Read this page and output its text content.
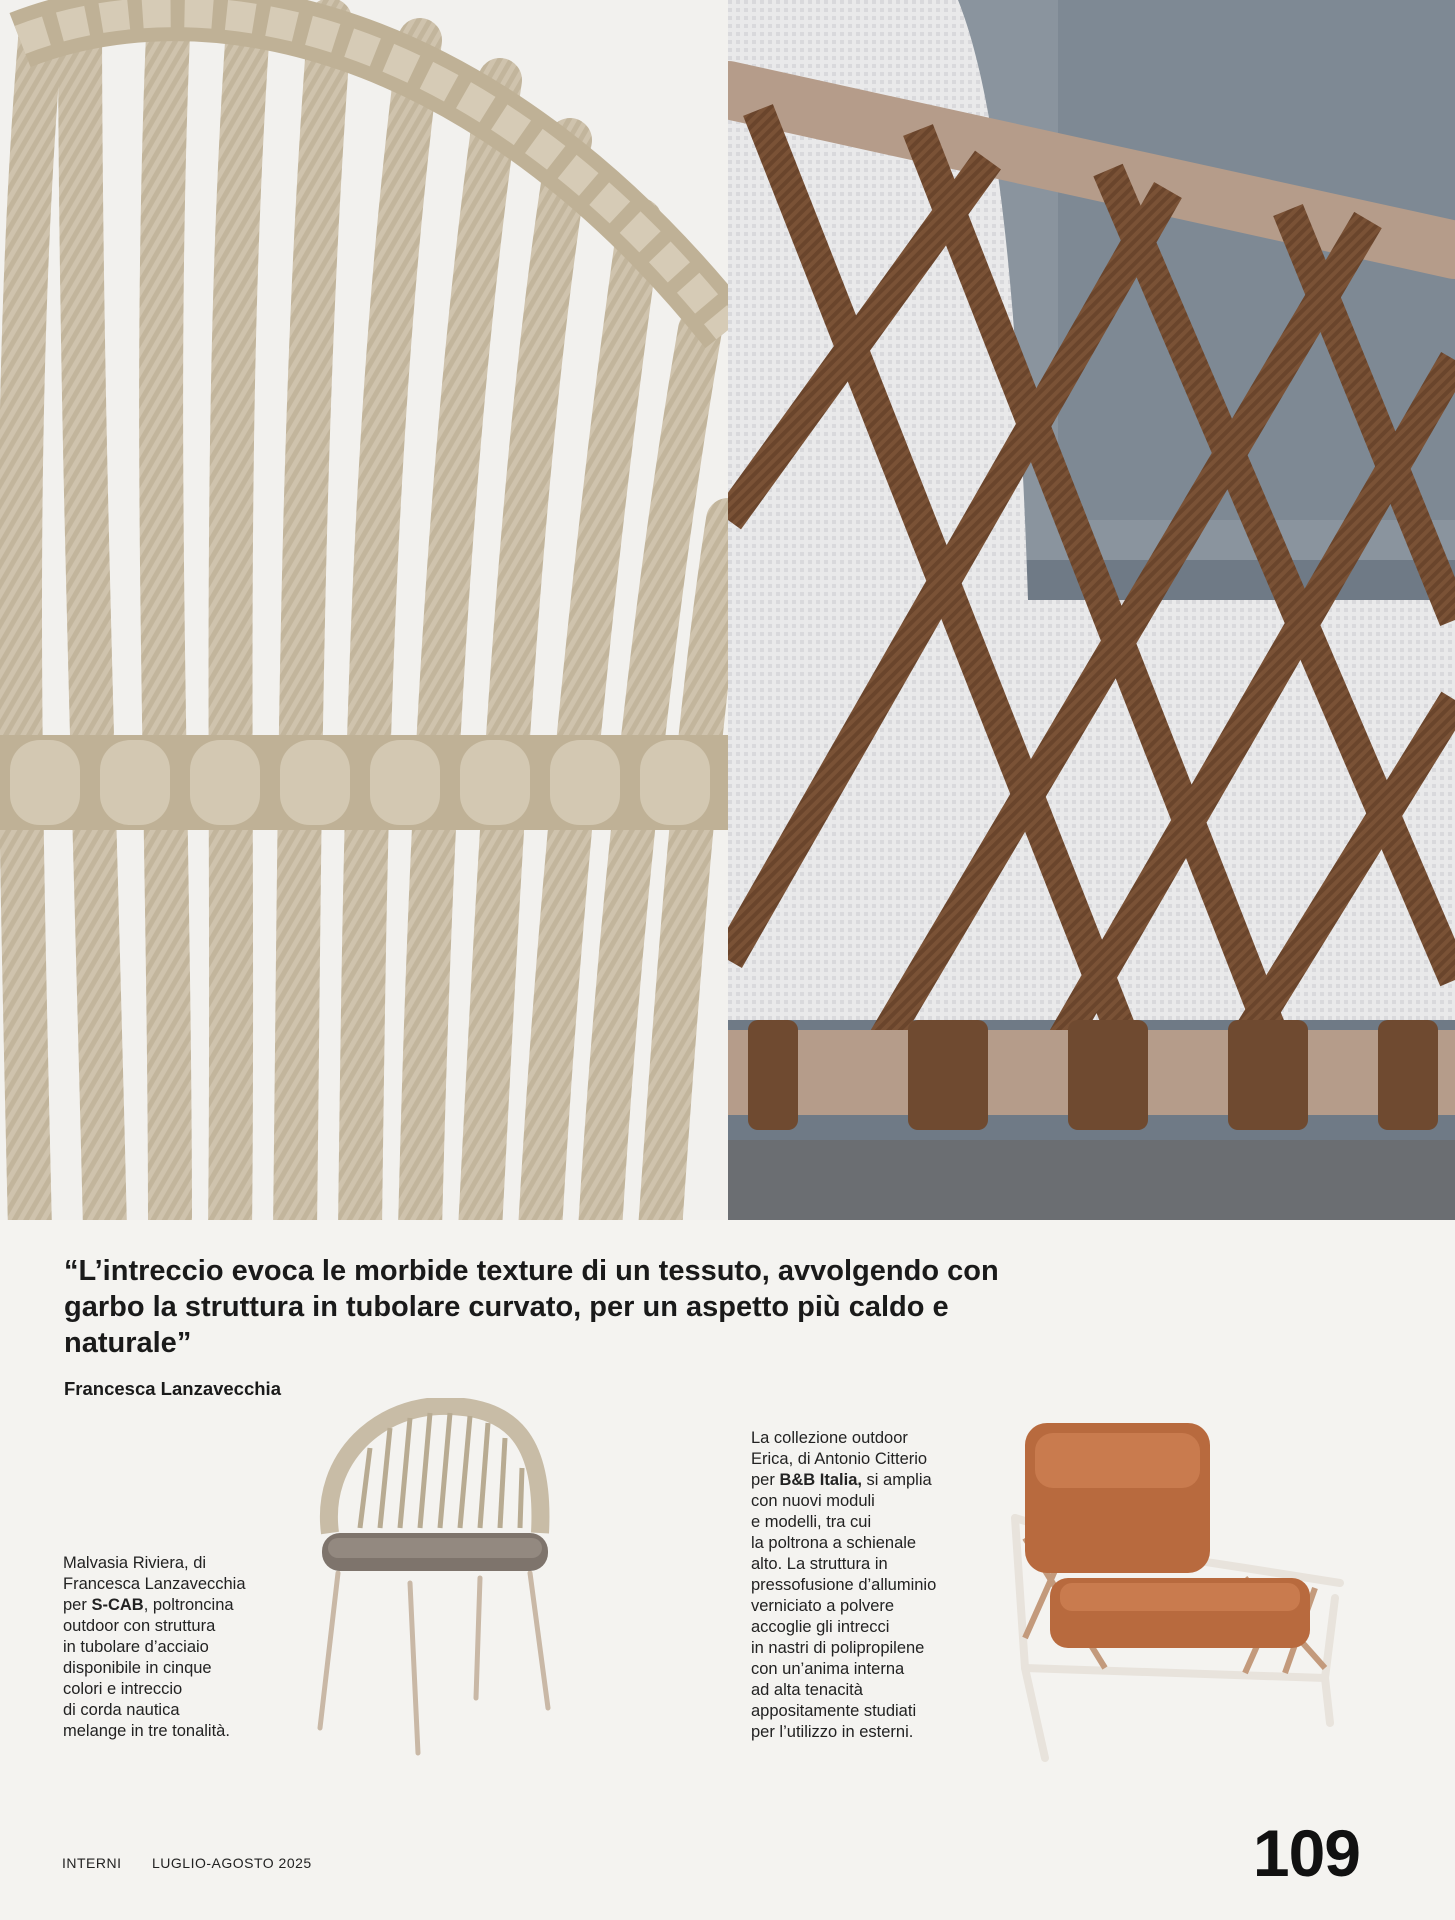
“L’intreccio evoca le morbide texture di un tessuto, avvolgendo con garbo la struttura in tubolare curvato, per un aspetto più caldo e naturale”

Francesca Lanzavecchia
Malvasia Riviera, di
Francesca Lanzavecchia
per S-CAB, poltroncina
outdoor con struttura
in tubolare d’acciaio
disponibile in cinque
colori e intreccio
di corda nautica
melange in tre tonalità.
La collezione outdoor
Erica, di Antonio Citterio
per B&B Italia, si amplia
con nuovi moduli
e modelli, tra cui
la poltrona a schienale
alto. La struttura in
pressofusione d’alluminio
verniciato a polvere
accoglie gli intrecci
in nastri di polipropilene
con un’anima interna
ad alta tenacità
appositamente studiati
per l’utilizzo in esterni.
INTERNI LUGLIO-AGOSTO 2025	109
